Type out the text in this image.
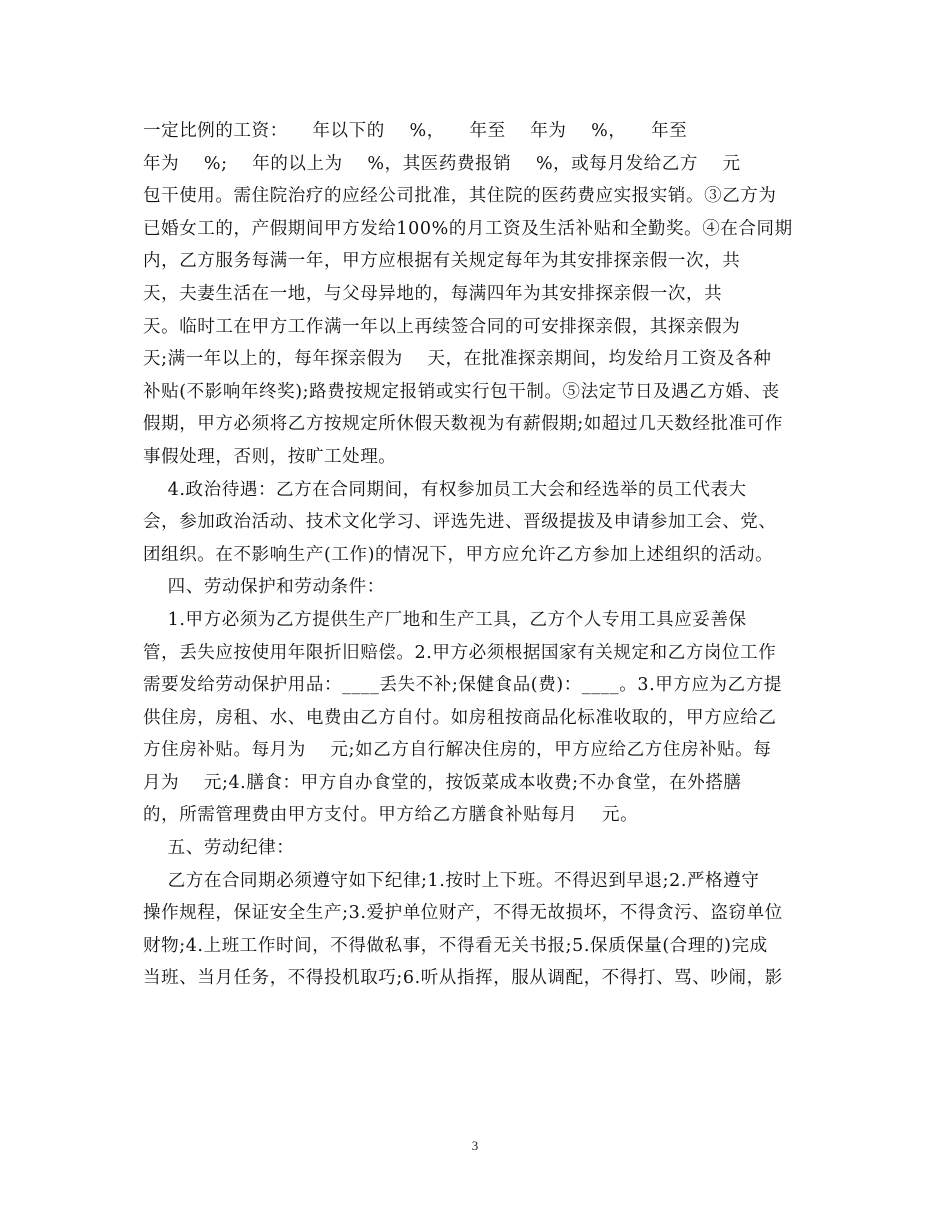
一定比例的工资：    年以下的    %，    年至    年为    %，    年至
年为    %;    年的以上为    %，其医药费报销    %，或每月发给乙方    元
包干使用。需住院治疗的应经公司批准，其住院的医药费应实报实销。③乙方为
已婚女工的，产假期间甲方发给100%的月工资及生活补贴和全勤奖。④在合同期
内，乙方服务每满一年，甲方应根据有关规定每年为其安排探亲假一次，共
天，夫妻生活在一地，与父母异地的，每满四年为其安排探亲假一次，共
天。临时工在甲方工作满一年以上再续签合同的可安排探亲假，其探亲假为
天;满一年以上的，每年探亲假为    天，在批准探亲期间，均发给月工资及各种
补贴(不影响年终奖);路费按规定报销或实行包干制。⑤法定节日及遇乙方婚、丧
假期，甲方必须将乙方按规定所休假天数视为有薪假期;如超过几天数经批准可作
事假处理，否则，按旷工处理。
4.政治待遇：乙方在合同期间，有权参加员工大会和经选举的员工代表大
会，参加政治活动、技术文化学习、评选先进、晋级提拔及申请参加工会、党、
团组织。在不影响生产(工作)的情况下，甲方应允许乙方参加上述组织的活动。
四、劳动保护和劳动条件：
1.甲方必须为乙方提供生产厂地和生产工具，乙方个人专用工具应妥善保
管，丢失应按使用年限折旧赔偿。2.甲方必须根据国家有关规定和乙方岗位工作
需要发给劳动保护用品：____丢失不补;保健食品(费)：____。3.甲方应为乙方提
供住房，房租、水、电费由乙方自付。如房租按商品化标准收取的，甲方应给乙
方住房补贴。每月为    元;如乙方自行解决住房的，甲方应给乙方住房补贴。每
月为    元;4.膳食：甲方自办食堂的，按饭菜成本收费;不办食堂，在外搭膳
的，所需管理费由甲方支付。甲方给乙方膳食补贴每月    元。
五、劳动纪律：
乙方在合同期必须遵守如下纪律;1.按时上下班。不得迟到早退;2.严格遵守
操作规程，保证安全生产;3.爱护单位财产，不得无故损坏，不得贪污、盗窃单位
财物;4.上班工作时间，不得做私事，不得看无关书报;5.保质保量(合理的)完成
当班、当月任务，不得投机取巧;6.听从指挥，服从调配，不得打、骂、吵闹，影
3
